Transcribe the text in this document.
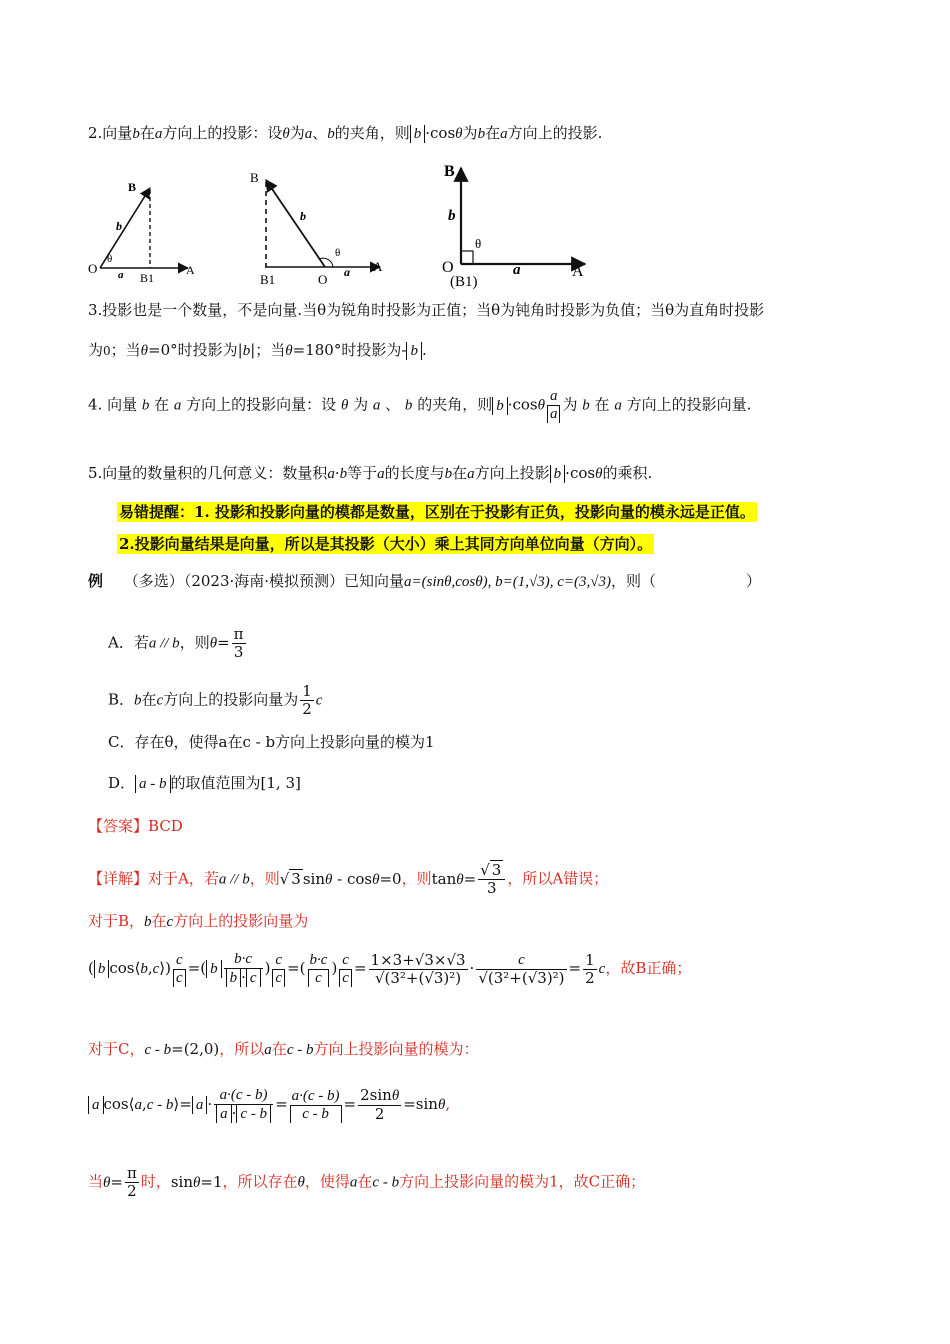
2.向量b在a方向上的投影：设θ为a、b的夹角，则 b ·cosθ为b在a方向上的投影.
B
b
θ
O a B1
A
B
b
θ
B1	O a A
B
b
θ
O
(B1)
a	A
3.投影也是一个数量，不是向量.当θ为锐角时投影为正值；当θ为钝角时投影为负值；当θ为直角时投影
为0；当θ=0°时投影为|b|；当θ=180°时投影为- b .
4. 向量 b 在 a 方向上的投影向量：设 θ 为 a 、 b 的夹角，则 $b \cdot\cos\theta \frac{a}{a}$ 为 b 在 a 方向上的投影向量.
5.向量的数量积的几何意义：数量积a·b等于a的长度与b在a方向上投影 b ·cosθ的乘积.
易错提醒：1. 投影和投影向量的模都是数量，区别在于投影有正负，投影向量的模永远是正值。
2.投影向量结果是向量，所以是其投影（大小）乘上其同方向单位向量（方向）。
例 （多选）（2023·海南·模拟预测）已知向量a=(sinθ,cosθ), b=(1,√3), c=(3,√3)，则（　　　　　　）
A．若a // b，则$\theta= \frac{\pi}{3}$
B．b在c方向上的投影向量为 $\frac{1}{2}$ c
C．存在θ，使得a在c - b方向上投影向量的模为1
D． a - b 的取值范围为[1, 3]
【答案】BCD
【详解】对于A，若a // b，则√ 3 sinθ - cosθ=0，则$\tan\theta= \frac{√ 3}{3}$ ，所以A错误；
对于B，b在c方向上的投影向量为
( b cos⟨b,c⟩) $\frac{c}{c}$ =( b $\frac{b\cdot c}{b \cdot c}$ ) $\frac{c}{c}$ =( $\frac{b\cdot c}{c}$ ) $\frac{c}{c} = \frac{1\times 3+√3\times√3}{\text{√(3²+(√3)²)}} \cdot \frac{c}{\text{√(3²+(√3)²)}} = \frac{1}{2}$ c，故B正确；
对于C，c - b=(2,0)，所以a在c - b方向上投影向量的模为：
a cos⟨a,c - b⟩= $a \cdot \frac{a\cdot(c - b)}{a \cdot c - b} = \frac{a\cdot(c - b)}{c - b} = \frac{2\sin\theta}{2} =\sin\theta$,
当$\theta= \frac{\pi}{2}$ 时，sinθ=1，所以存在θ，使得a在c - b方向上投影向量的模为1，故C正确；
